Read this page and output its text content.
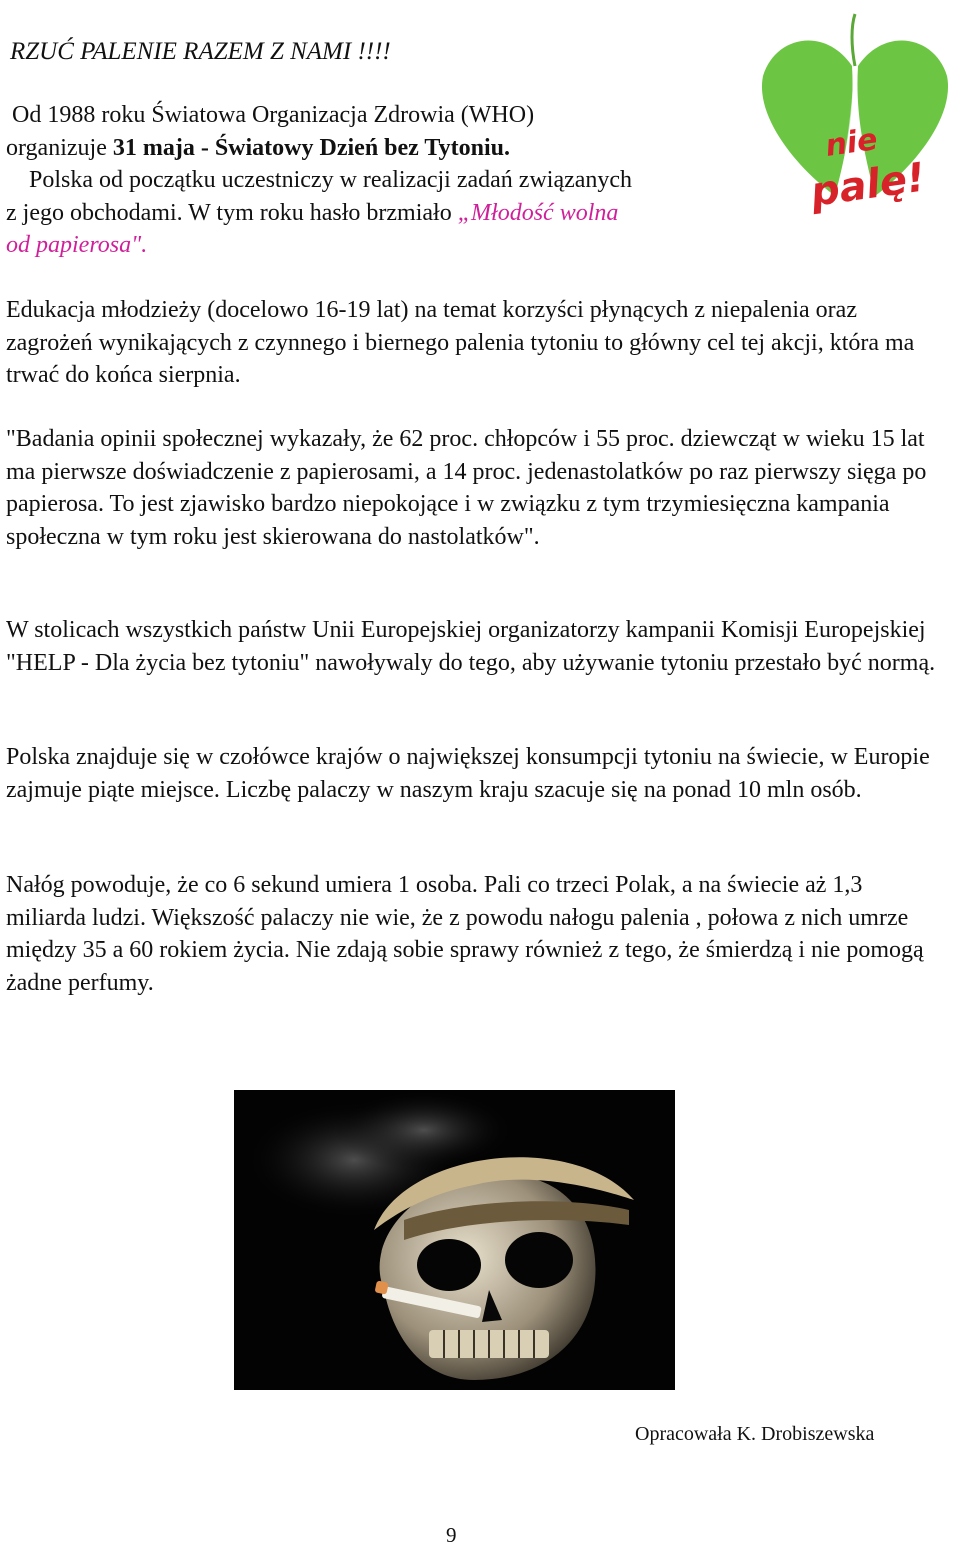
RZUĆ PALENIE RAZEM Z NAMI !!!!
nie
palę!

Od 1988 roku Światowa Organizacja Zdrowia (WHO)

organizuje 31 maja - Światowy Dzień bez Tytoniu.

Polska od początku uczestniczy w realizacji zadań związanych

z jego obchodami. W tym roku hasło brzmiało „Młodość wolna

od papierosa".

Edukacja młodzieży (docelowo 16-19 lat) na temat korzyści płynących z niepalenia oraz zagrożeń wynikających z czynnego i biernego palenia tytoniu to główny cel tej akcji, która ma trwać do końca sierpnia.

"Badania opinii społecznej wykazały, że 62 proc. chłopców i 55 proc. dziewcząt w wieku 15 lat ma pierwsze doświadczenie z papierosami, a 14 proc. jedenastolatków po raz pierwszy sięga po papierosa. To jest zjawisko bardzo niepokojące i w związku z tym trzymiesięczna kampania społeczna w tym roku jest skierowana do nastolatków".

W stolicach wszystkich państw Unii Europejskiej organizatorzy kampanii Komisji Europejskiej "HELP - Dla życia bez tytoniu" nawoływaly do tego, aby używanie tytoniu przestało być normą.

Polska znajduje się w czołówce krajów o największej konsumpcji tytoniu na świecie, w Europie zajmuje piąte miejsce. Liczbę palaczy w naszym kraju szacuje się na ponad 10 mln osób.

Nałóg powoduje, że co 6 sekund umiera 1 osoba. Pali co trzeci Polak, a na świecie aż 1,3 miliarda ludzi. Większość palaczy nie wie, że z powodu nałogu palenia , połowa z nich umrze między 35 a 60 rokiem życia. Nie zdają sobie sprawy również z tego, że śmierdzą i nie pomogą żadne perfumy.

Opracowała K. Drobiszewska
9
